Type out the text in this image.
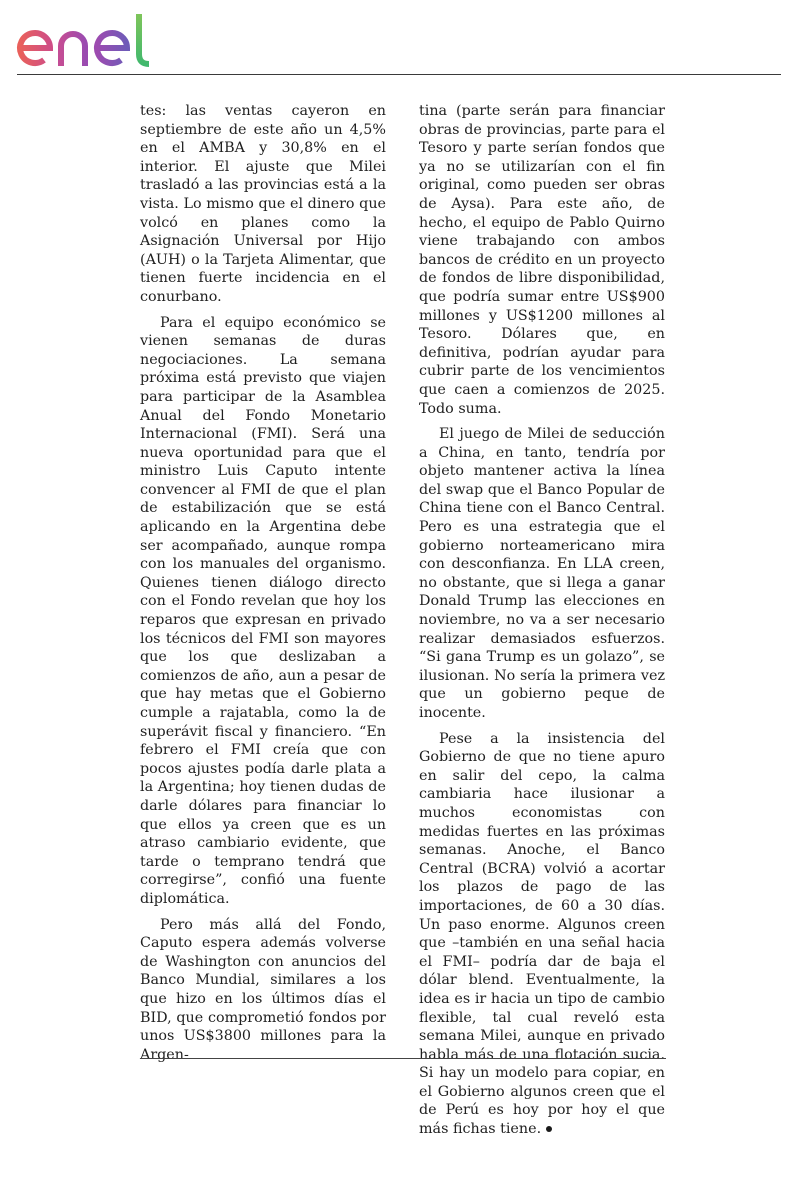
tes: las ventas cayeron en septiembre de este año un 4,5% en el AMBA y 30,8% en el interior. El ajuste que Milei trasladó a las provincias está a la vista. Lo mismo que el dinero que volcó en planes como la Asignación Universal por Hijo (AUH) o la Tarjeta Alimentar, que tienen fuerte incidencia en el conurbano.

Para el equipo económico se vienen semanas de duras negociaciones. La semana próxima está previsto que viajen para participar de la Asamblea Anual del Fondo Monetario Internacional (FMI). Será una nueva oportunidad para que el ministro Luis Caputo intente convencer al FMI de que el plan de estabilización que se está aplicando en la Argentina debe ser acompañado, aunque rompa con los manuales del organismo. Quienes tienen diálogo directo con el Fondo revelan que hoy los reparos que expresan en privado los técnicos del FMI son mayores que los que deslizaban a comienzos de año, aun a pesar de que hay metas que el Gobierno cumple a rajatabla, como la de superávit fiscal y financiero. “En febrero el FMI creía que con pocos ajustes podía darle plata a la Argentina; hoy tienen dudas de darle dólares para financiar lo que ellos ya creen que es un atraso cambiario evidente, que tarde o temprano tendrá que corregirse”, confió una fuente diplomática.

Pero más allá del Fondo, Caputo espera además volverse de Washington con anuncios del Banco Mundial, similares a los que hizo en los últimos días el BID, que comprometió fondos por unos US$3800 millones para la Argen-

tina (parte serán para financiar obras de provincias, parte para el Tesoro y parte serían fondos que ya no se utilizarían con el fin original, como pueden ser obras de Aysa). Para este año, de hecho, el equipo de Pablo Quirno viene trabajando con ambos bancos de crédito en un proyecto de fondos de libre disponibilidad, que podría sumar entre US$900 millones y US$1200 millones al Tesoro. Dólares que, en definitiva, podrían ayudar para cubrir parte de los vencimientos que caen a comienzos de 2025. Todo suma.

El juego de Milei de seducción a China, en tanto, tendría por objeto mantener activa la línea del swap que el Banco Popular de China tiene con el Banco Central. Pero es una estrategia que el gobierno norteamericano mira con desconfianza. En LLA creen, no obstante, que si llega a ganar Donald Trump las elecciones en noviembre, no va a ser necesario realizar demasiados esfuerzos. “Si gana Trump es un golazo”, se ilusionan. No sería la primera vez que un gobierno peque de inocente.

Pese a la insistencia del Gobierno de que no tiene apuro en salir del cepo, la calma cambiaria hace ilusionar a muchos economistas con medidas fuertes en las próximas semanas. Anoche, el Banco Central (BCRA) volvió a acortar los plazos de pago de las importaciones, de 60 a 30 días. Un paso enorme. Algunos creen que –también en una señal hacia el FMI– podría dar de baja el dólar blend. Eventualmente, la idea es ir hacia un tipo de cambio flexible, tal cual reveló esta semana Milei, aunque en privado habla más de una flotación sucia. Si hay un modelo para copiar, en el Gobierno algunos creen que el de Perú es hoy por hoy el que más fichas tiene.
